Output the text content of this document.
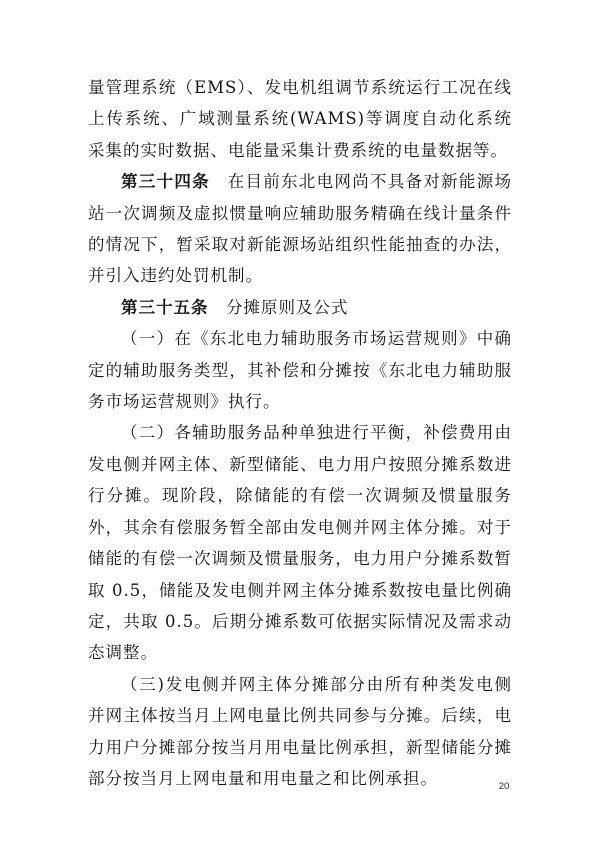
量管理系统（EMS）、发电机组调节系统运行工况在线上传系统、广域测量系统(WAMS)等调度自动化系统采集的实时数据、电能量采集计费系统的电量数据等。

第三十四条　在目前东北电网尚不具备对新能源场站一次调频及虚拟惯量响应辅助服务精确在线计量条件的情况下，暂采取对新能源场站组织性能抽查的办法，并引入违约处罚机制。

第三十五条　分摊原则及公式

（一）在《东北电力辅助服务市场运营规则》中确定的辅助服务类型，其补偿和分摊按《东北电力辅助服务市场运营规则》执行。

（二）各辅助服务品种单独进行平衡，补偿费用由发电侧并网主体、新型储能、电力用户按照分摊系数进行分摊。现阶段，除储能的有偿一次调频及惯量服务外，其余有偿服务暂全部由发电侧并网主体分摊。对于储能的有偿一次调频及惯量服务，电力用户分摊系数暂取 0.5，储能及发电侧并网主体分摊系数按电量比例确定，共取 0.5。后期分摊系数可依据实际情况及需求动态调整。

（三)发电侧并网主体分摊部分由所有种类发电侧并网主体按当月上网电量比例共同参与分摊。后续，电力用户分摊部分按当月用电量比例承担，新型储能分摊部分按当月上网电量和用电量之和比例承担。	20
